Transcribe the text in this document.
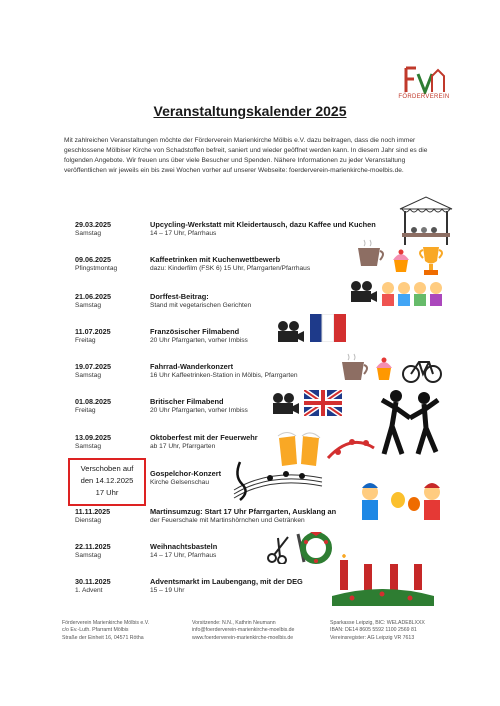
FÖRDERVEREIN
Veranstaltungskalender 2025
Mit zahlreichen Veranstaltungen möchte der Förderverein Marienkirche Mölbis e.V. dazu beitragen, dass die noch immer geschlossene Mölbiser Kirche von Schadstoffen befreit, saniert und wieder geöffnet werden kann. In diesem Jahr sind es die folgenden Angebote. Wir freuen uns über viele Besucher und Spenden. Nähere Informationen zu jeder Veranstaltung veröffentlichen wir jeweils ein bis zwei Wochen vorher auf unserer Webseite: foerderverein-marienkirche-moelbis.de.
29.03.2025
Samstag
Upcycling-Werkstatt mit Kleidertausch, dazu Kaffee und Kuchen
14 – 17 Uhr, Pfarrhaus
09.06.2025
Pfingstmontag
Kaffeetrinken mit Kuchenwettbewerb
dazu: Kinderfilm (FSK 6) 15 Uhr, Pfarrgarten/Pfarrhaus
21.06.2025
Samstag
Dorffest-Beitrag:
Stand mit vegetarischen Gerichten
11.07.2025
Freitag
Französischer Filmabend
20 Uhr Pfarrgarten, vorher Imbiss
19.07.2025
Samstag
Fahrrad-Wanderkonzert
16 Uhr Kaffeetrinken-Station in Mölbis, Pfarrgarten
01.08.2025
Freitag
Britischer Filmabend
20 Uhr Pfarrgarten, vorher Imbiss
13.09.2025
Samstag
Oktoberfest mit der Feuerwehr
ab 17 Uhr, Pfarrgarten
Gospelchor-Konzert
Kirche Gelsenschau
11.11.2025
Dienstag
Martinsumzug: Start 17 Uhr Pfarrgarten, Ausklang an
der Feuerschale mit Martinshörnchen und Getränken
22.11.2025
Samstag
Weihnachtsbasteln
14 – 17 Uhr, Pfarrhaus
30.11.2025
1. Advent
Adventsmarkt im Laubengang, mit der DEG
15 – 19 Uhr
Verschoben auf
den 14.12.2025
17 Uhr
Förderverein Marienkirche Mölbis e.V.
c/o Ev.-Luth. Pfarramt Mölbis
Straße der Einheit 16, 04571 Rötha
Vorsitzende: N.N., Kathrin Neumann
info@foerderverein-marienkirche-moelbis.de
www.foerderverein-marienkirche-moelbis.de
Sparkasse Leipzig, BIC: WELADE8LXXX
IBAN: DE14 8605 5592 1100 2569 81
Vereinsregister: AG Leipzig VR 7613
